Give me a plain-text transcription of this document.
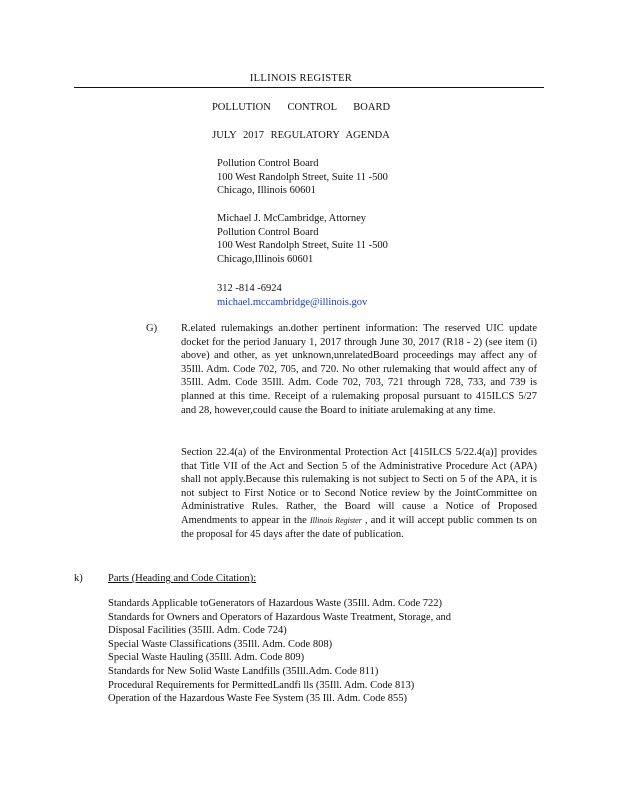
ILLINOIS REGISTER
POLLUTION CONTROL BOARD
JULY 2017 REGULATORY AGENDA
Pollution Control Board
100 West Randolph Street, Suite 11 -500
Chicago, Illinois 60601
Michael J. McCambridge, Attorney
Pollution Control Board
100 West Randolph Street, Suite 11 -500
Chicago,Illinois 60601
312 -814 -6924
michael.mccambridge@illinois.gov
G) R.elated rulemakings an.dother pertinent information: The reserved UIC update docket for the period January 1, 2017 through June 30, 2017 (R18 - 2) (see item (i) above) and other, as yet unknown,unrelatedBoard proceedings may affect any of 35Ill. Adm. Code 702, 705, and 720. No other rulemaking that would affect any of 35Ill. Adm. Code 35Ill. Adm. Code 702, 703, 721 through 728, 733, and 739 is planned at this time. Receipt of a rulemaking proposal pursuant to 415ILCS 5/27 and 28, however,could cause the Board to initiate arulemaking at any time.
Section 22.4(a) of the Environmental Protection Act [415ILCS 5/22.4(a)] provides that Title VII of the Act and Section 5 of the Administrative Procedure Act (APA) shall not apply.Because this rulemaking is not subject to Secti on 5 of the APA, it is not subject to First Notice or to Second Notice review by the JointCommittee on Administrative Rules. Rather, the Board will cause a Notice of Proposed Amendments to appear in the Illinois Register , and it will accept public commen ts on the proposal for 45 days after the date of publication.
k) Parts (Heading and Code Citation):
Standards Applicable toGenerators of Hazardous Waste (35Ill. Adm. Code 722)
Standards for Owners and Operators of Hazardous Waste Treatment, Storage, and
Disposal Facilities (35Ill. Adm. Code 724)
Special Waste Classifications (35Ill. Adm. Code 808)
Special Waste Hauling (35Ill. Adm. Code 809)
Standards for New Solid Waste Landfills (35Ill.Adm. Code 811)
Procedural Requirements for PermittedLandfi lls (35Ill. Adm. Code 813)
Operation of the Hazardous Waste Fee System (35 Ill. Adm. Code 855)
